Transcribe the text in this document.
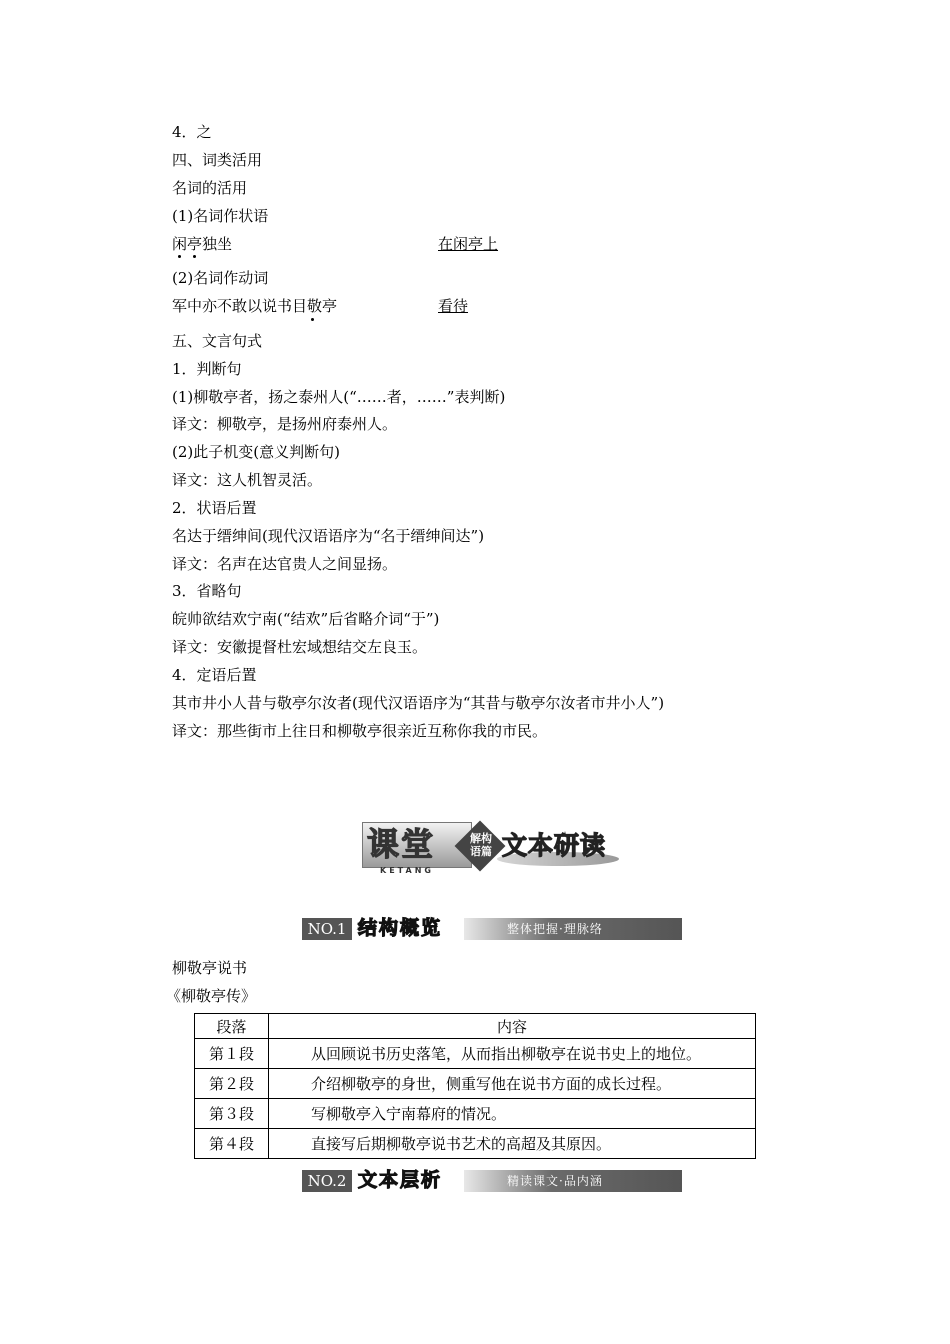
4．之
四、词类活用
名词的活用
(1)名词作状语
闲亭独坐	在闲亭上
(2)名词作动词
军中亦不敢以说书目敬亭	看待
五、文言句式
1．判断句
(1)柳敬亭者，扬之泰州人(“……者，……”表判断)
译文：柳敬亭，是扬州府泰州人。
(2)此子机变(意义判断句)
译文：这人机智灵活。
2．状语后置
名达于缙绅间(现代汉语语序为“名于缙绅间达”)
译文：名声在达官贵人之间显扬。
3．省略句
皖帅欲结欢宁南(“结欢”后省略介词“于”)
译文：安徽提督杜宏域想结交左良玉。
4．定语后置
其市井小人昔与敬亭尔汝者(现代汉语语序为“其昔与敬亭尔汝者市井小人”)
译文：那些街市上往日和柳敬亭很亲近互称你我的市民。
课堂
KETANG
解构
语篇 文本研读
NO.1 结构概览	整体把握·理脉络
柳敬亭说书
《柳敬亭传》
段落	内容
第１段	从回顾说书历史落笔，从而指出柳敬亭在说书史上的地位。
第２段	介绍柳敬亭的身世，侧重写他在说书方面的成长过程。
第３段	写柳敬亭入宁南幕府的情况。
第４段	直接写后期柳敬亭说书艺术的高超及其原因。
NO.2 文本层析	精读课文·品内涵
